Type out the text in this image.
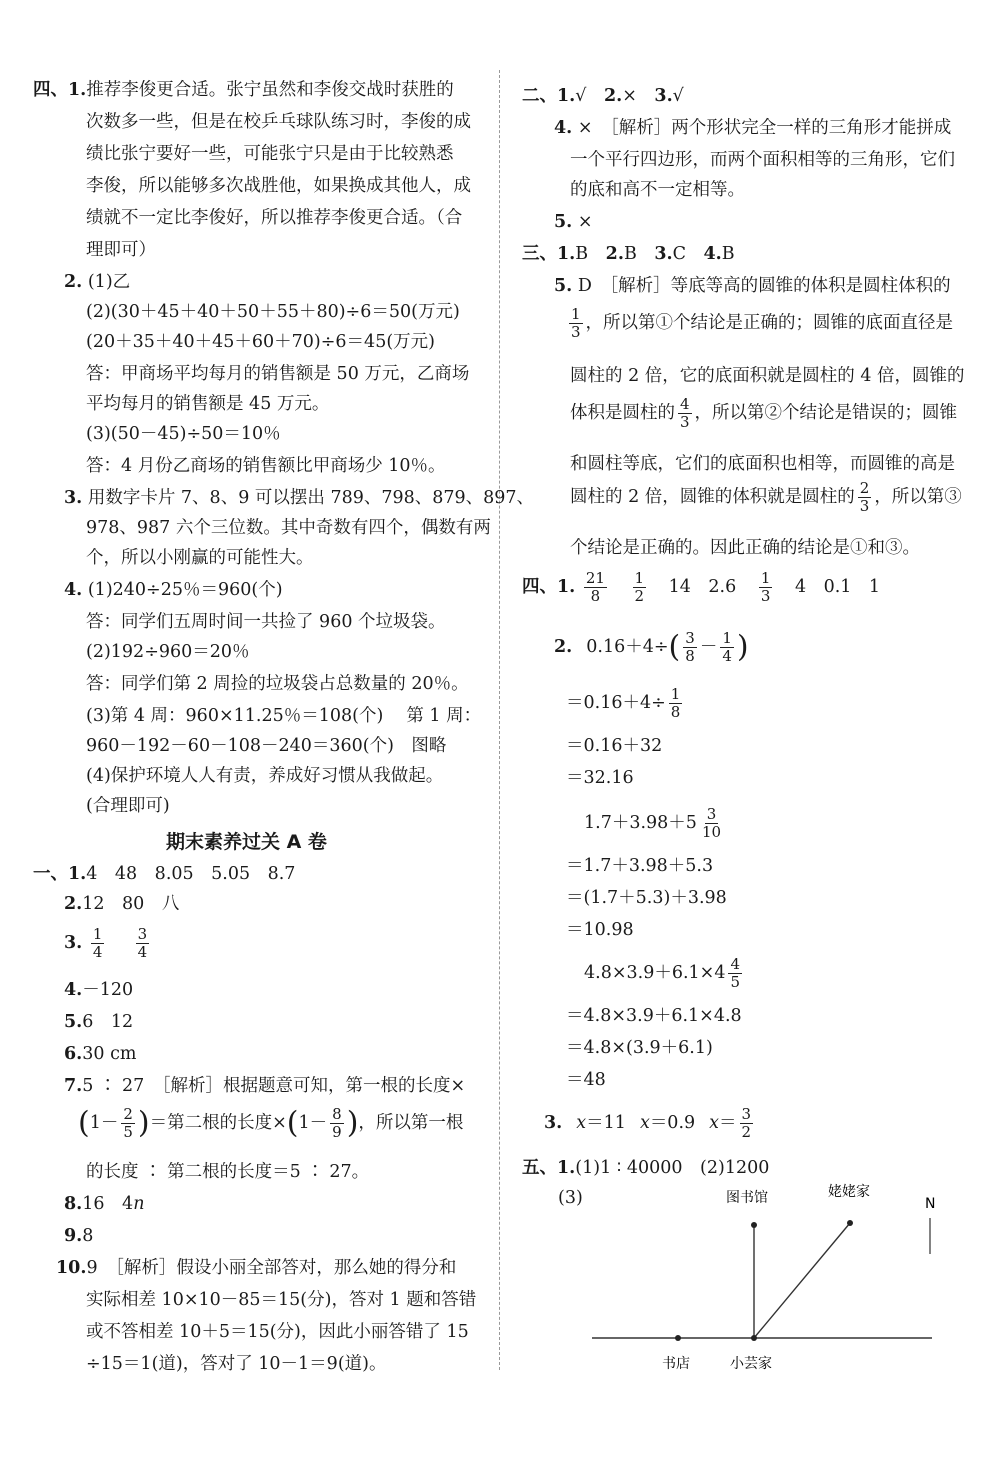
四、1.推荐李俊更合适。张宁虽然和李俊交战时获胜的
次数多一些，但是在校乒乓球队练习时，李俊的成
绩比张宁要好一些，可能张宁只是由于比较熟悉
李俊，所以能够多次战胜他，如果换成其他人，成
绩就不一定比李俊好，所以推荐李俊更合适。（合
理即可）
2. (1)乙
(2)(30＋45＋40＋50＋55＋80)÷6＝50(万元)
(20＋35＋40＋45＋60＋70)÷6＝45(万元)
答：甲商场平均每月的销售额是 50 万元，乙商场
平均每月的销售额是 45 万元。
(3)(50－45)÷50＝10％
答：4 月份乙商场的销售额比甲商场少 10％。
3. 用数字卡片 7、8、9 可以摆出 789、798、879、897、
978、987 六个三位数。其中奇数有四个，偶数有两
个，所以小刚赢的可能性大。
4. (1)240÷25％＝960(个)
答：同学们五周时间一共捡了 960 个垃圾袋。
(2)192÷960＝20％
答：同学们第 2 周捡的垃圾袋占总数量的 20％。
(3)第 4 周：960×11.25％＝108(个)　 第 1 周：
960－192－60－108－240＝360(个)　图略
(4)保护环境人人有责，养成好习惯从我做起。
(合理即可)
期末素养过关 A 卷
一、1.4　48　8.05　5.05　8.7
2.12　80　八
3. $\frac{1}{4}$
$\frac{3}{4}$
4.－120
5.6　12
6.30 cm
7.5 ∶ 27　［解析］根据题意可知，第一根的长度×
($1- \frac{2}{5}$ )＝第二根的长度$\times(1- \frac{8}{9}$ )，所以第一根
的长度 ∶ 第二根的长度＝5 ∶ 27。
8.16　4n
9.8
10.9　［解析］假设小丽全部答对，那么她的得分和
实际相差 10×10－85＝15(分)，答对 1 题和答错
或不答相差 10＋5＝15(分)，因此小丽答错了 15
÷15＝1(道)，答对了 10－1＝9(道)。
二、1.√　2.×　3.√
4. ×　［解析］两个形状完全一样的三角形才能拼成
一个平行四边形，而两个面积相等的三角形，它们
的底和高不一定相等。
5. ×
三、1.B　2.B　3.C　4.B
5. D　［解析］等底等高的圆锥的体积是圆柱体积的
$\frac{1}{3}$ ，所以第①个结论是正确的；圆锥的底面直径是
圆柱的 2 倍，它的底面积就是圆柱的 4 倍，圆锥的
体积是圆柱的 $\frac{4}{3}$ ，所以第②个结论是错误的；圆锥
和圆柱等底，它们的底面积也相等，而圆锥的高是
圆柱的 2 倍，圆锥的体积就是圆柱的 $\frac{2}{3}$ ，所以第③
个结论是正确的。因此正确的结论是①和③。
四、1. $\frac{21}{8}$
$\frac{1}{2} 14$　$2.6 \frac{1}{3} 4$　0.1　1
2. $0.16+4\div( \frac{3}{8} - \frac{1}{4}$ )
$=0.16+4\div \frac{1}{8}$
＝0.16＋32
＝32.16
$1.7+3.98+5 \frac{3}{10}$
＝1.7＋3.98＋5.3
＝(1.7＋5.3)＋3.98
＝10.98
$4.8\times 3.9+6.1\times 4 \frac{4}{5}$
＝4.8×3.9＋6.1×4.8
＝4.8×(3.9＋6.1)
＝48
3. x＝11 x＝0.9 $x= \frac{3}{2}$
五、1.(1)1 ∶ 40000　(2)1200
(3)	图书馆	姥姥家
N
书店	小芸家
